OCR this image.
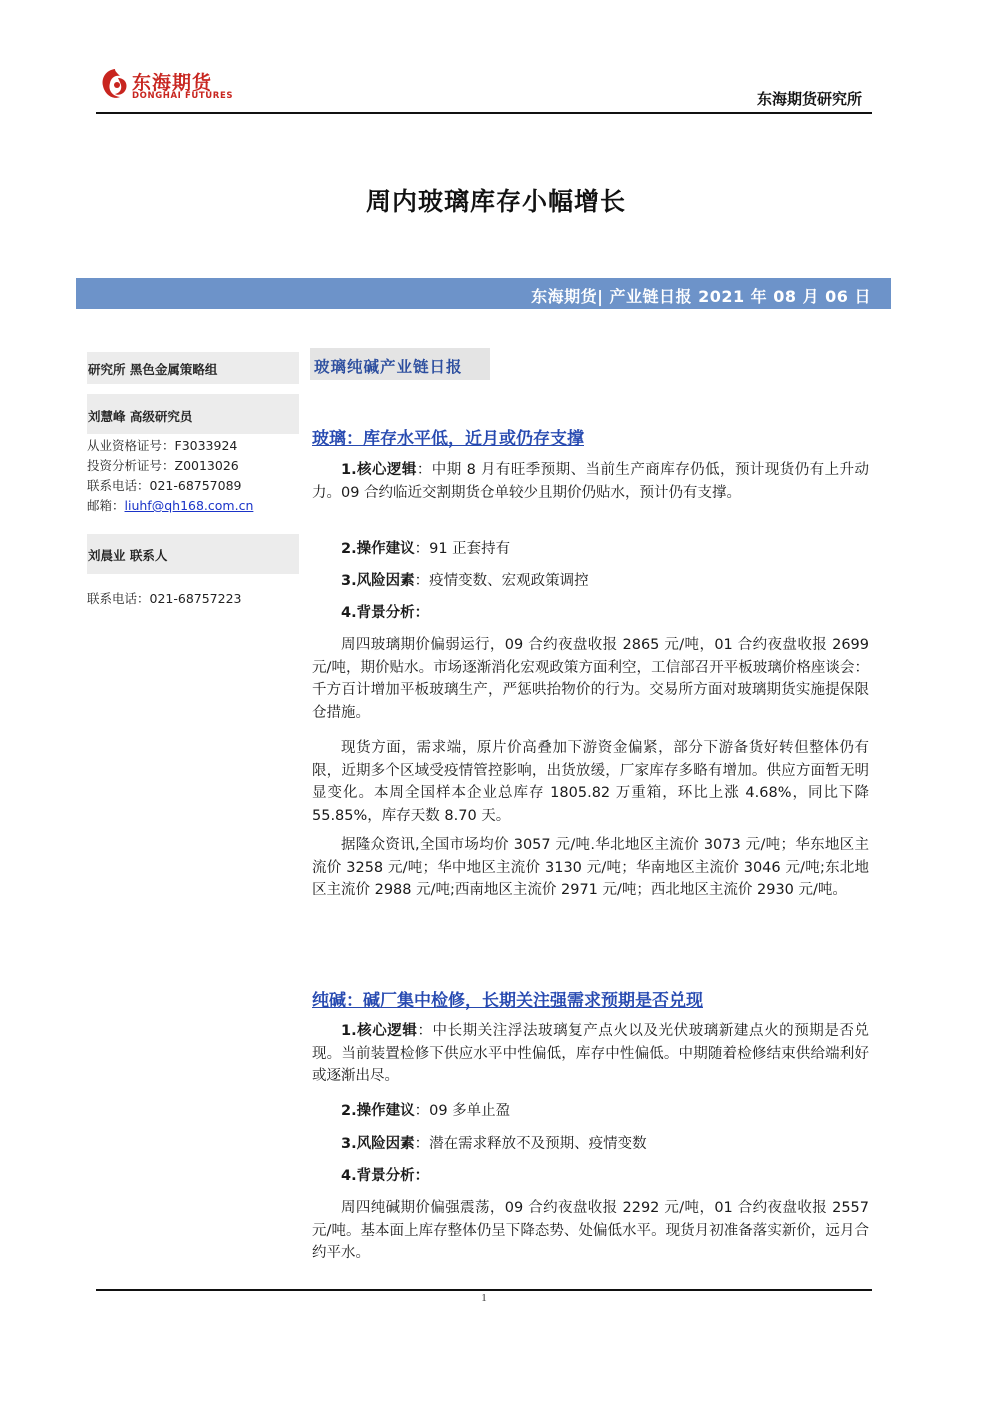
东海期货
DONGHAI FUTURES	东海期货研究所
周内玻璃库存小幅增长
东海期货| 产业链日报 2021 年 08 月 06 日
研究所 黑色金属策略组
刘慧峰 高级研究员
从业资格证号：F3033924
投资分析证号：Z0013026
联系电话：021-68757089
邮箱：liuhf@qh168.com.cn
刘晨业 联系人
联系电话：021-68757223
玻璃纯碱产业链日报
玻璃：库存水平低，近月或仍存支撑
1.核心逻辑：中期 8 月有旺季预期、当前生产商库存仍低，预计现货仍有上升动力。09 合约临近交割期货仓单较少且期价仍贴水，预计仍有支撑。
2.操作建议：91 正套持有
3.风险因素：疫情变数、宏观政策调控
4.背景分析：
周四玻璃期价偏弱运行，09 合约夜盘收报 2865 元/吨，01 合约夜盘收报 2699 元/吨，期价贴水。市场逐渐消化宏观政策方面利空，工信部召开平板玻璃价格座谈会：千方百计增加平板玻璃生产，严惩哄抬物价的行为。交易所方面对玻璃期货实施提保限仓措施。
现货方面，需求端，原片价高叠加下游资金偏紧，部分下游备货好转但整体仍有限，近期多个区域受疫情管控影响，出货放缓，厂家库存多略有增加。供应方面暂无明显变化。本周全国样本企业总库存 1805.82 万重箱，环比上涨 4.68%，同比下降 55.85%，库存天数 8.70 天。
据隆众资讯,全国市场均价 3057 元/吨.华北地区主流价 3073 元/吨；华东地区主流价 3258 元/吨；华中地区主流价 3130 元/吨；华南地区主流价 3046 元/吨;东北地区主流价 2988 元/吨;西南地区主流价 2971 元/吨；西北地区主流价 2930 元/吨。
纯碱：碱厂集中检修，长期关注强需求预期是否兑现
1.核心逻辑：中长期关注浮法玻璃复产点火以及光伏玻璃新建点火的预期是否兑现。当前装置检修下供应水平中性偏低，库存中性偏低。中期随着检修结束供给端利好或逐渐出尽。
2.操作建议：09 多单止盈
3.风险因素：潜在需求释放不及预期、疫情变数
4.背景分析：
周四纯碱期价偏强震荡，09 合约夜盘收报 2292 元/吨，01 合约夜盘收报 2557 元/吨。基本面上库存整体仍呈下降态势、处偏低水平。现货月初准备落实新价，远月合约平水。
1
